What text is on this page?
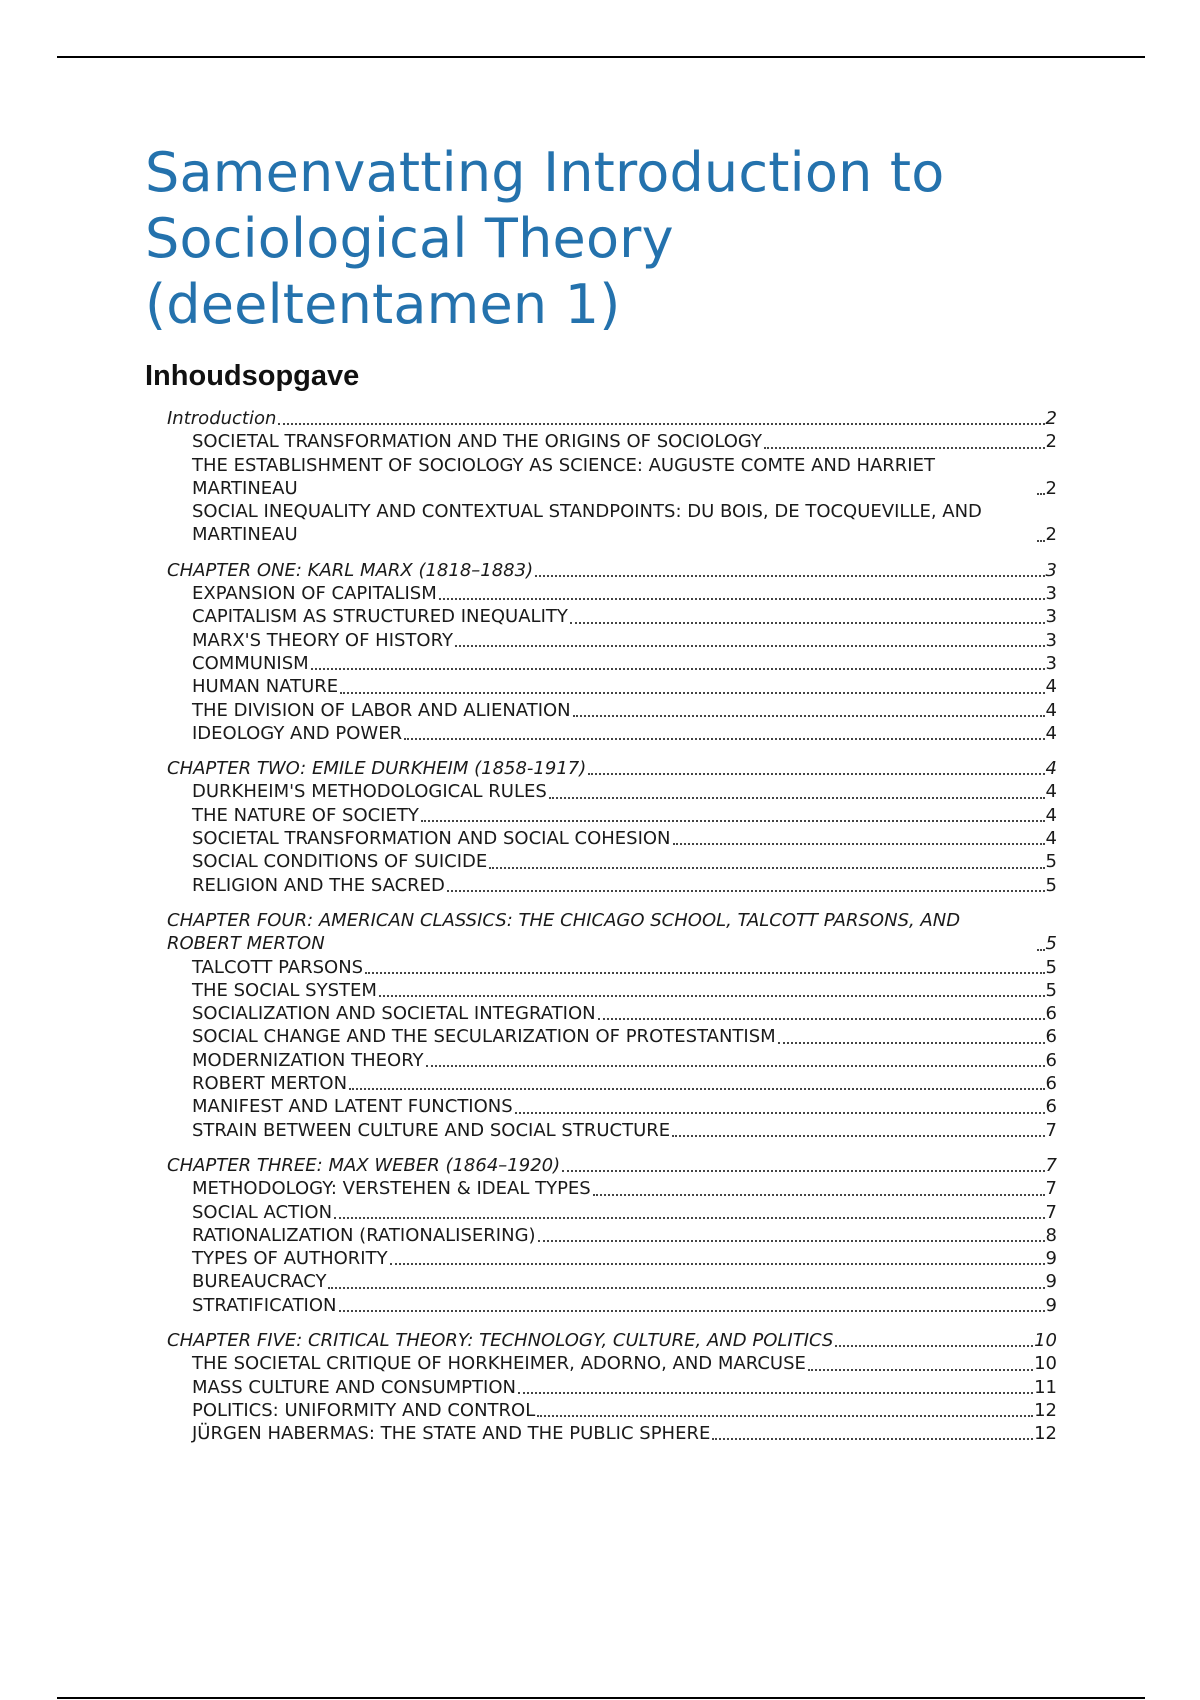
Samenvatting Introduction to Sociological Theory (deeltentamen 1)
Inhoudsopgave
Introduction	2
SOCIETAL TRANSFORMATION AND THE ORIGINS OF SOCIOLOGY	2
THE ESTABLISHMENT OF SOCIOLOGY AS SCIENCE: AUGUSTE COMTE AND HARRIET MARTINEAU	2
SOCIAL INEQUALITY AND CONTEXTUAL STANDPOINTS: DU BOIS, DE TOCQUEVILLE, AND MARTINEAU	2
CHAPTER ONE: KARL MARX (1818–1883)	3
EXPANSION OF CAPITALISM	3
CAPITALISM AS STRUCTURED INEQUALITY	3
MARX'S THEORY OF HISTORY	3
COMMUNISM	3
HUMAN NATURE	4
THE DIVISION OF LABOR AND ALIENATION	4
IDEOLOGY AND POWER	4
CHAPTER TWO: EMILE DURKHEIM (1858-1917)	4
DURKHEIM'S METHODOLOGICAL RULES	4
THE NATURE OF SOCIETY	4
SOCIETAL TRANSFORMATION AND SOCIAL COHESION	4
SOCIAL CONDITIONS OF SUICIDE	5
RELIGION AND THE SACRED	5
CHAPTER FOUR: AMERICAN CLASSICS: THE CHICAGO SCHOOL, TALCOTT PARSONS, AND ROBERT MERTON	5
TALCOTT PARSONS	5
THE SOCIAL SYSTEM	5
SOCIALIZATION AND SOCIETAL INTEGRATION	6
SOCIAL CHANGE AND THE SECULARIZATION OF PROTESTANTISM	6
MODERNIZATION THEORY	6
ROBERT MERTON	6
MANIFEST AND LATENT FUNCTIONS	6
STRAIN BETWEEN CULTURE AND SOCIAL STRUCTURE	7
CHAPTER THREE: MAX WEBER (1864–1920)	7
METHODOLOGY: VERSTEHEN & IDEAL TYPES	7
SOCIAL ACTION	7
RATIONALIZATION (RATIONALISERING)	8
TYPES OF AUTHORITY	9
BUREAUCRACY	9
STRATIFICATION	9
CHAPTER FIVE: CRITICAL THEORY: TECHNOLOGY, CULTURE, AND POLITICS	10
THE SOCIETAL CRITIQUE OF HORKHEIMER, ADORNO, AND MARCUSE	10
MASS CULTURE AND CONSUMPTION	11
POLITICS: UNIFORMITY AND CONTROL	12
JÜRGEN HABERMAS: THE STATE AND THE PUBLIC SPHERE	12
